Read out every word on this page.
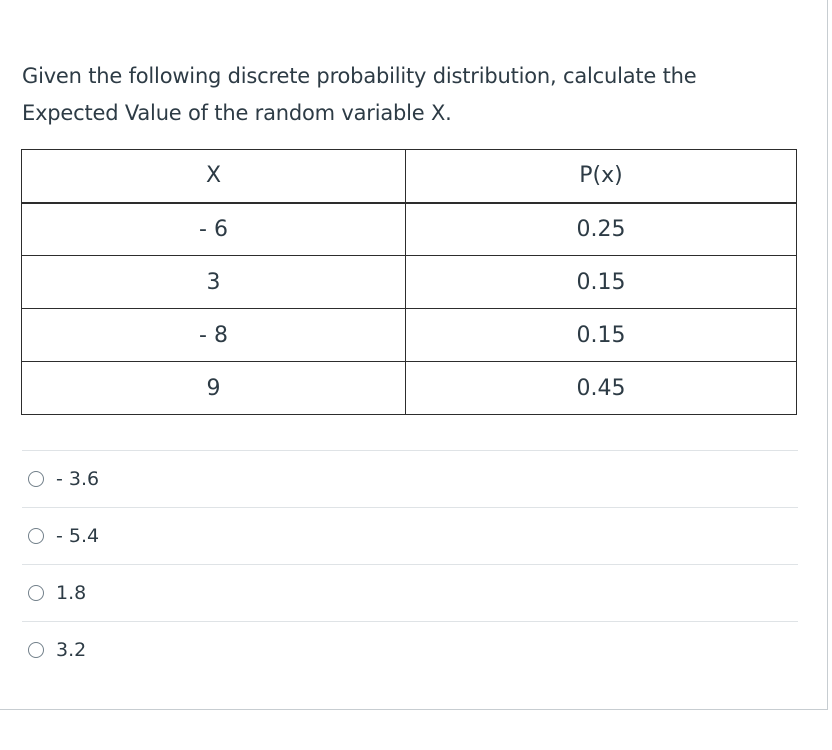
Given the following discrete probability distribution, calculate the
Expected Value of the random variable X.
X	P(x)
- 6	0.25
3	0.15
- 8	0.15
9	0.45
- 3.6
- 5.4
1.8
3.2
